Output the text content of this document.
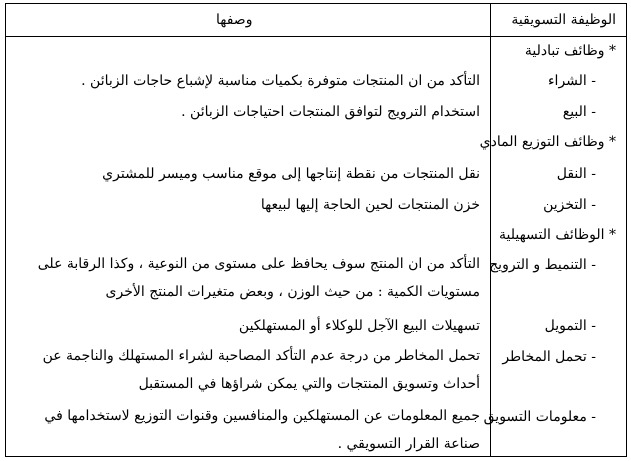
الوظيفة التسويقية
وصفها
* وظائف تبادلية
- الشراء
التأكد من ان المنتجات متوفرة بكميات مناسبة لإشباع حاجات الزبائن .
- البيع
استخدام الترويج لتوافق المنتجات احتياجات الزبائن .
* وظائف التوزيع المادي
- النقل
نقل المنتجات من نقطة إنتاجها إلى موقع مناسب وميسر للمشتري
- التخزين
خزن المنتجات لحين الحاجة إليها لبيعها
* الوظائف التسهيلية
- التنميط و الترويج
التأكد من ان المنتج سوف يحافظ على مستوى من النوعية ، وكذا الرقابة على مستويات الكمية : من حيث الوزن ، وبعض متغيرات المنتج الأخرى
- التمويل
تسهيلات البيع الآجل للوكلاء أو المستهلكين
- تحمل المخاطر
تحمل المخاطر من درجة عدم التأكد المصاحبة لشراء المستهلك والناجمة عن أحداث وتسويق المنتجات والتي يمكن شراؤها في المستقبل
- معلومات التسويق
جميع المعلومات عن المستهلكين والمنافسين وقنوات التوزيع لاستخدامها في صناعة القرار التسويقي .
